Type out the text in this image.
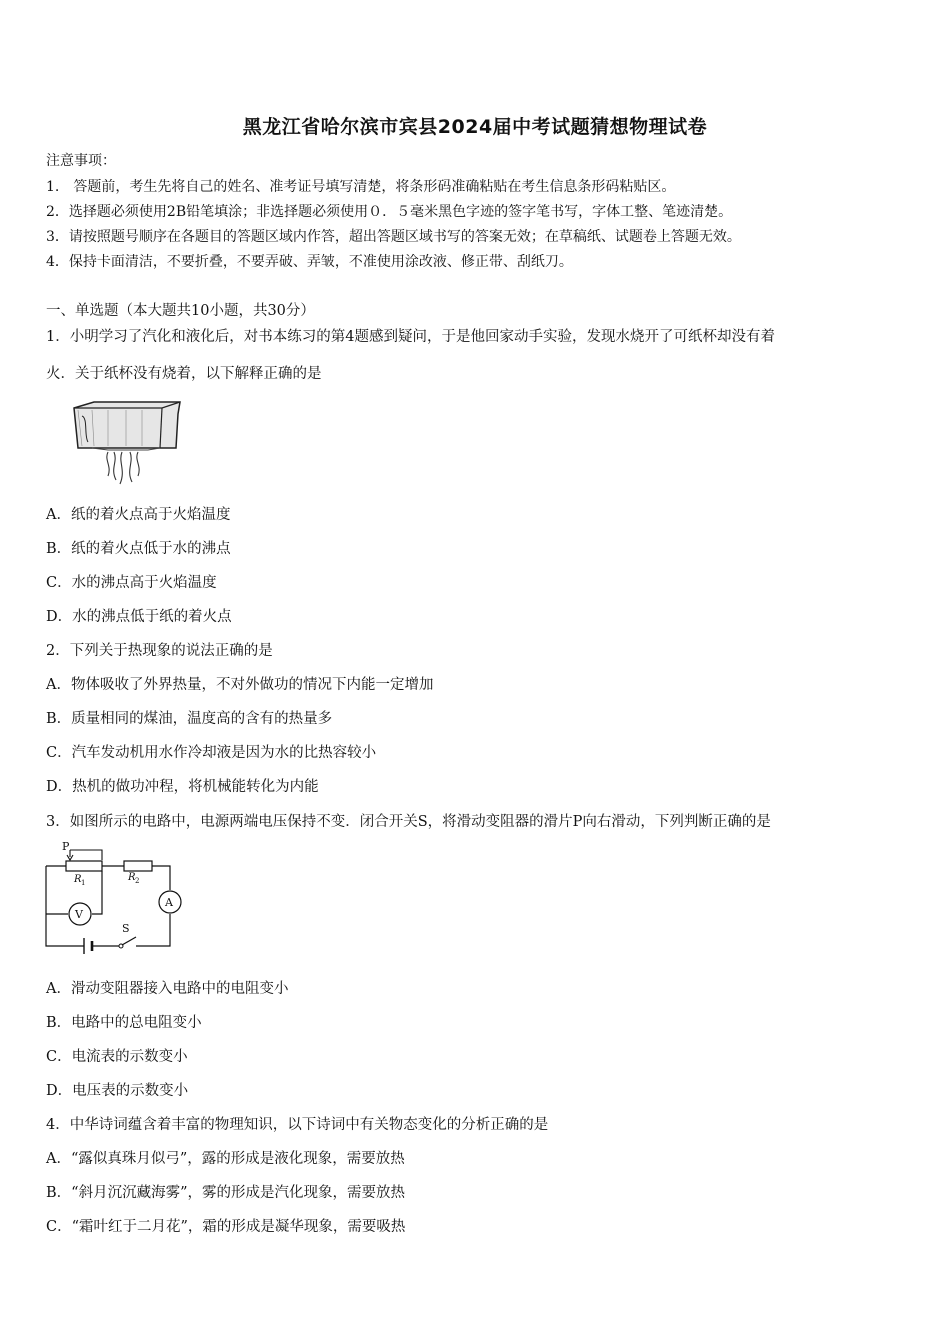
黑龙江省哈尔滨市宾县2024届中考试题猜想物理试卷
注意事项：
1.　答题前，考生先将自己的姓名、准考证号填写清楚，将条形码准确粘贴在考生信息条形码粘贴区。
2．选择题必须使用2B铅笔填涂；非选择题必须使用０．５毫米黑色字迹的签字笔书写，字体工整、笔迹清楚。
3．请按照题号顺序在各题目的答题区域内作答，超出答题区域书写的答案无效；在草稿纸、试题卷上答题无效。
4．保持卡面清洁，不要折叠，不要弄破、弄皱，不准使用涂改液、修正带、刮纸刀。
一、单选题（本大题共10小题，共30分）
1．小明学习了汽化和液化后，对书本练习的第4题感到疑问，于是他回家动手实验，发现水烧开了可纸杯却没有着
火．关于纸杯没有烧着，以下解释正确的是
A．纸的着火点高于火焰温度
B．纸的着火点低于水的沸点
C．水的沸点高于火焰温度
D．水的沸点低于纸的着火点
2．下列关于热现象的说法正确的是
A．物体吸收了外界热量，不对外做功的情况下内能一定增加
B．质量相同的煤油，温度高的含有的热量多
C．汽车发动机用水作冷却液是因为水的比热容较小
D．热机的做功冲程，将机械能转化为内能
3．如图所示的电路中，电源两端电压保持不变．闭合开关S，将滑动变阻器的滑片P向右滑动，下列判断正确的是
P
R 1	R 2
V
A
S
A．滑动变阻器接入电路中的电阻变小
B．电路中的总电阻变小
C．电流表的示数变小
D．电压表的示数变小
4．中华诗词蕴含着丰富的物理知识，以下诗词中有关物态变化的分析正确的是
A．“露似真珠月似弓”，露的形成是液化现象，需要放热
B．“斜月沉沉藏海雾”，雾的形成是汽化现象，需要放热
C．“霜叶红于二月花”，霜的形成是凝华现象，需要吸热
